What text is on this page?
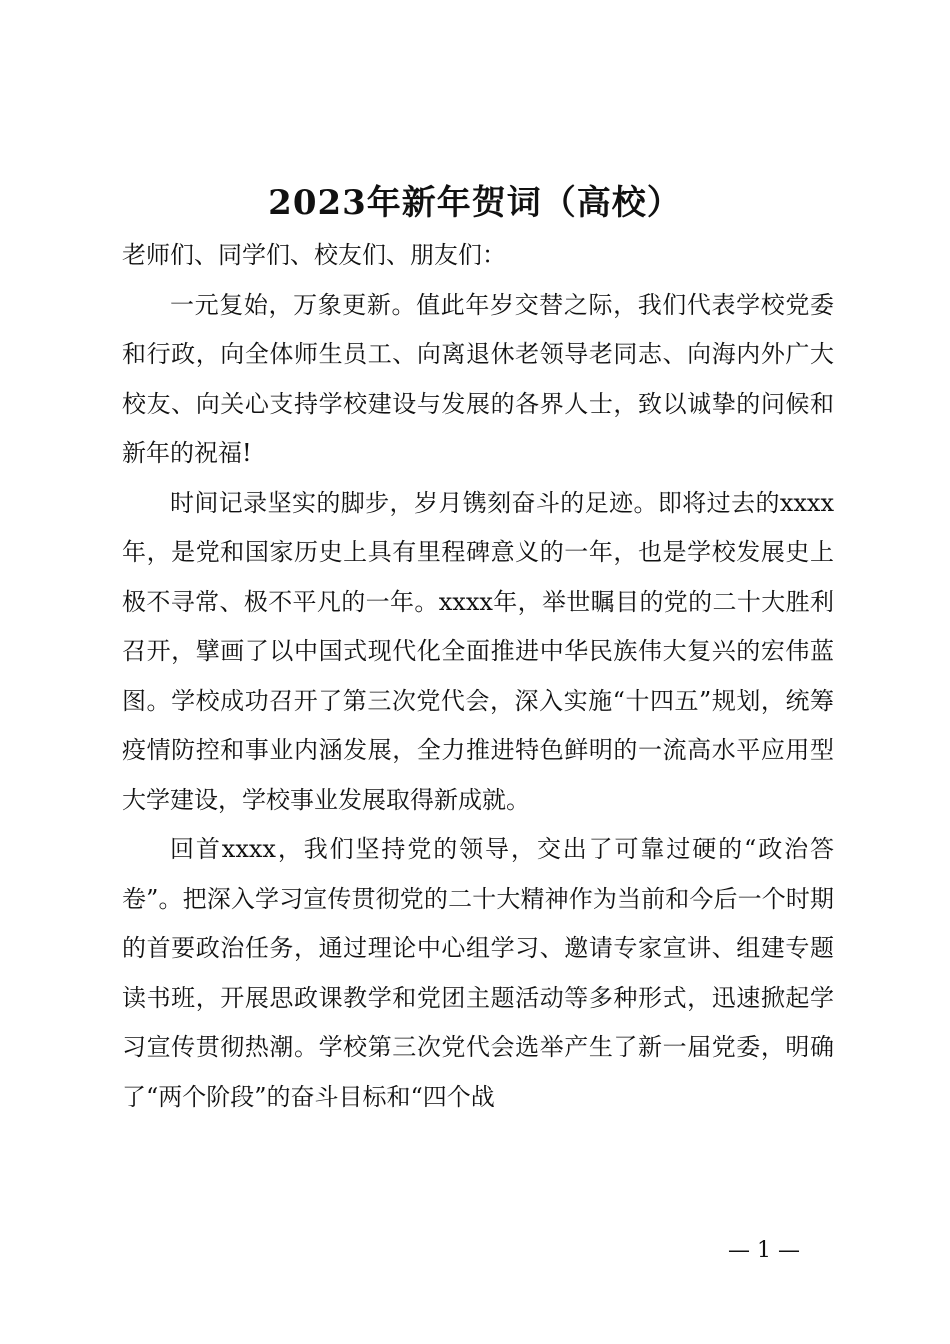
2023年新年贺词（高校）

老师们、同学们、校友们、朋友们：

一元复始，万象更新。值此年岁交替之际，我们代表学校党委和行政，向全体师生员工、向离退休老领导老同志、向海内外广大校友、向关心支持学校建设与发展的各界人士，致以诚挚的问候和新年的祝福!

时间记录坚实的脚步，岁月镌刻奋斗的足迹。即将过去的xxxx年，是党和国家历史上具有里程碑意义的一年，也是学校发展史上极不寻常、极不平凡的一年。xxxx年，举世瞩目的党的二十大胜利召开，擘画了以中国式现代化全面推进中华民族伟大复兴的宏伟蓝图。学校成功召开了第三次党代会，深入实施“十四五”规划，统筹疫情防控和事业内涵发展，全力推进特色鲜明的一流高水平应用型大学建设，学校事业发展取得新成就。

回首xxxx，我们坚持党的领导，交出了可靠过硬的“政治答卷”。把深入学习宣传贯彻党的二十大精神作为当前和今后一个时期的首要政治任务，通过理论中心组学习、邀请专家宣讲、组建专题读书班，开展思政课教学和党团主题活动等多种形式，迅速掀起学习宣传贯彻热潮。学校第三次党代会选举产生了新一届党委，明确了“两个阶段”的奋斗目标和“四个战

— 1 —
